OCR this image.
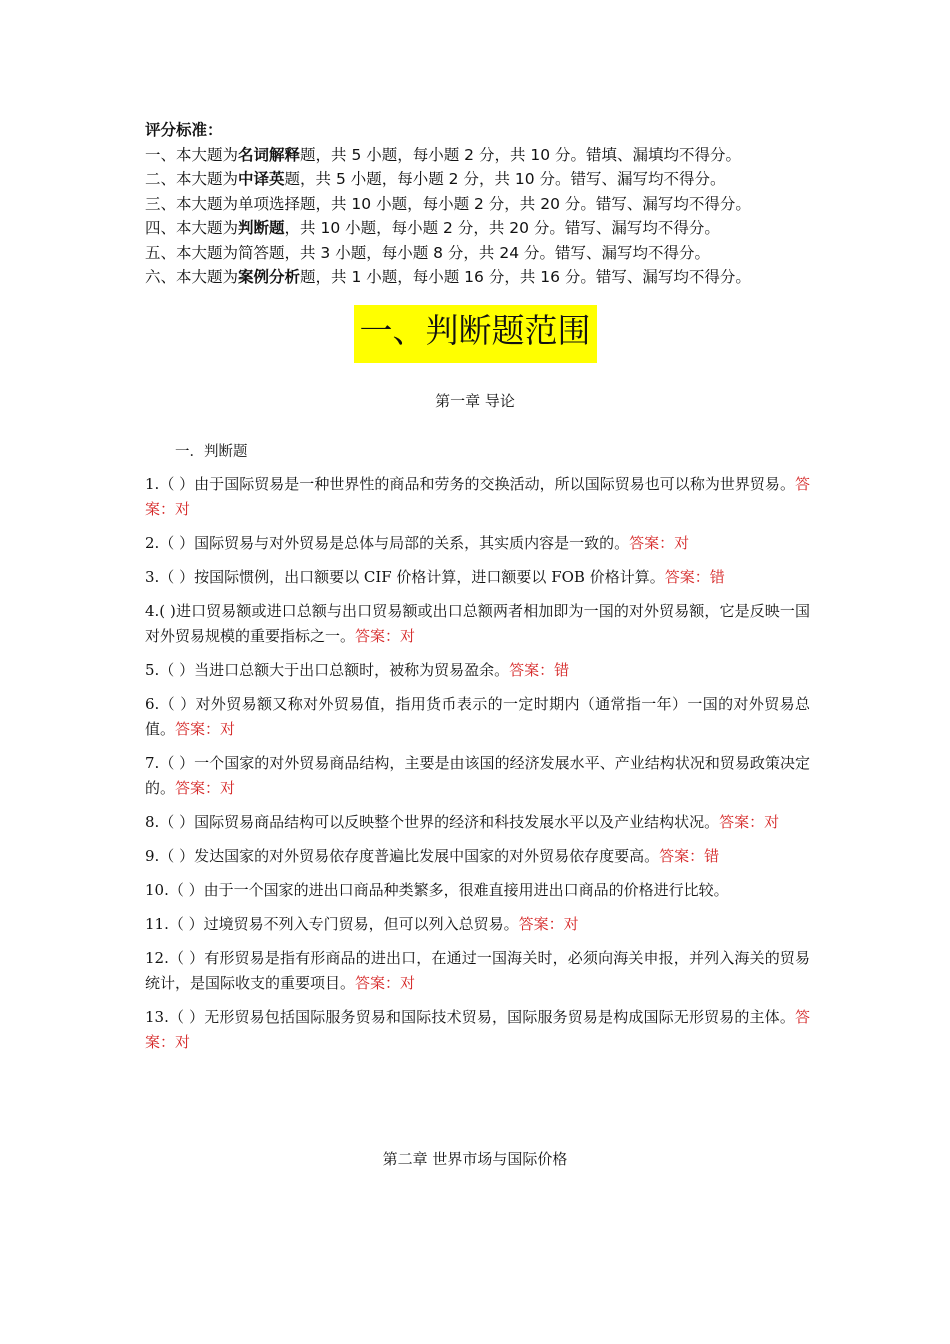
评分标准：
一、本大题为名词解释题，共 5 小题，每小题 2 分，共 10 分。错填、漏填均不得分。
二、本大题为中译英题，共 5 小题，每小题 2 分，共 10 分。错写、漏写均不得分。
三、本大题为单项选择题，共 10 小题，每小题 2 分，共 20 分。错写、漏写均不得分。
四、本大题为判断题，共 10 小题，每小题 2 分，共 20 分。错写、漏写均不得分。
五、本大题为简答题，共 3 小题，每小题 8 分，共 24 分。错写、漏写均不得分。
六、本大题为案例分析题，共 1 小题，每小题 16 分，共 16 分。错写、漏写均不得分。
一、判断题范围
第一章 导论
一．判断题
1.（ ）由于国际贸易是一种世界性的商品和劳务的交换活动，所以国际贸易也可以称为世界贸易。答案：对
2.（ ）国际贸易与对外贸易是总体与局部的关系，其实质内容是一致的。答案：对
3.（ ）按国际惯例，出口额要以 CIF 价格计算，进口额要以 FOB 价格计算。答案：错
4.( )进口贸易额或进口总额与出口贸易额或出口总额两者相加即为一国的对外贸易额，它是反映一国对外贸易规模的重要指标之一。答案：对
5.（ ）当进口总额大于出口总额时，被称为贸易盈余。答案：错
6.（ ）对外贸易额又称对外贸易值，指用货币表示的一定时期内（通常指一年）一国的对外贸易总值。答案：对
7.（ ）一个国家的对外贸易商品结构，主要是由该国的经济发展水平、产业结构状况和贸易政策决定的。答案：对
8.（ ）国际贸易商品结构可以反映整个世界的经济和科技发展水平以及产业结构状况。答案：对
9.（ ）发达国家的对外贸易依存度普遍比发展中国家的对外贸易依存度要高。答案：错
10.（ ）由于一个国家的进出口商品种类繁多，很难直接用进出口商品的价格进行比较。
11.（ ）过境贸易不列入专门贸易，但可以列入总贸易。答案：对
12.（ ）有形贸易是指有形商品的进出口，在通过一国海关时，必须向海关申报，并列入海关的贸易统计，是国际收支的重要项目。答案：对
13.（ ）无形贸易包括国际服务贸易和国际技术贸易，国际服务贸易是构成国际无形贸易的主体。答案：对
第二章 世界市场与国际价格
